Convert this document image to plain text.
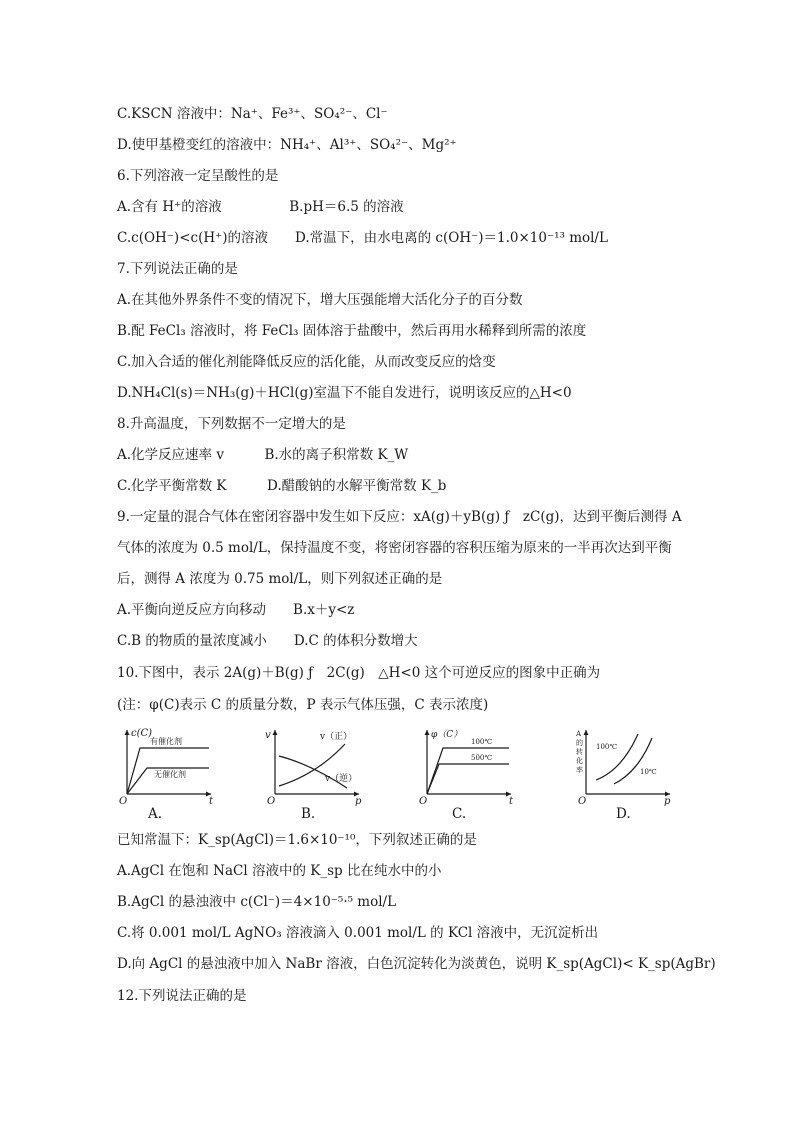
C.KSCN 溶液中：Na⁺、Fe³⁺、SO₄²⁻、Cl⁻
D.使甲基橙变红的溶液中：NH₄⁺、Al³⁺、SO₄²⁻、Mg²⁺
6.下列溶液一定呈酸性的是
A.含有 H⁺的溶液　　　　　B.pH＝6.5 的溶液
C.c(OH⁻)<c(H⁺)的溶液　　D.常温下，由水电离的 c(OH⁻)＝1.0×10⁻¹³ mol/L
7.下列说法正确的是
A.在其他外界条件不变的情况下，增大压强能增大活化分子的百分数
B.配 FeCl₃ 溶液时，将 FeCl₃ 固体溶于盐酸中，然后再用水稀释到所需的浓度
C.加入合适的催化剂能降低反应的活化能，从而改变反应的焓变
D.NH₄Cl(s)＝NH₃(g)＋HCl(g)室温下不能自发进行，说明该反应的△H<0
8.升高温度，下列数据不一定增大的是
A.化学反应速率 v　　　B.水的离子积常数 K_W
C.化学平衡常数 K　　　D.醋酸钠的水解平衡常数 K_b
9.一定量的混合气体在密闭容器中发生如下反应：xA(g)＋yB(g) ƒ　zC(g)，达到平衡后测得 A
气体的浓度为 0.5 mol/L，保持温度不变，将密闭容器的容积压缩为原来的一半再次达到平衡
后，测得 A 浓度为 0.75 mol/L，则下列叙述正确的是
A.平衡向逆反应方向移动　　B.x＋y<z
C.B 的物质的量浓度减小　　D.C 的体积分数增大
10.下图中，表示 2A(g)＋B(g) ƒ　2C(g)　△H<0 这个可逆反应的图象中正确为
(注：φ(C)表示 C 的质量分数，P 表示气体压强，C 表示浓度)
已知常温下：K_sp(AgCl)＝1.6×10⁻¹⁰，下列叙述正确的是
A.AgCl 在饱和 NaCl 溶液中的 K_sp 比在纯水中的小
B.AgCl 的悬浊液中 c(Cl⁻)＝4×10⁻⁵·⁵ mol/L
C.将 0.001 mol/L AgNO₃ 溶液滴入 0.001 mol/L 的 KCl 溶液中，无沉淀析出
D.向 AgCl 的悬浊液中加入 NaBr 溶液，白色沉淀转化为淡黄色，说明 K_sp(AgCl)< K_sp(AgBr)
12.下列说法正确的是
c(C)
t
O
有催化剂
无催化剂
A.
v
p
O
v（正）
v（逆）
B.
φ（C）
t
O
100℃
500℃
C.
A
的
转
化
率
p
O
100℃
10℃
D.
